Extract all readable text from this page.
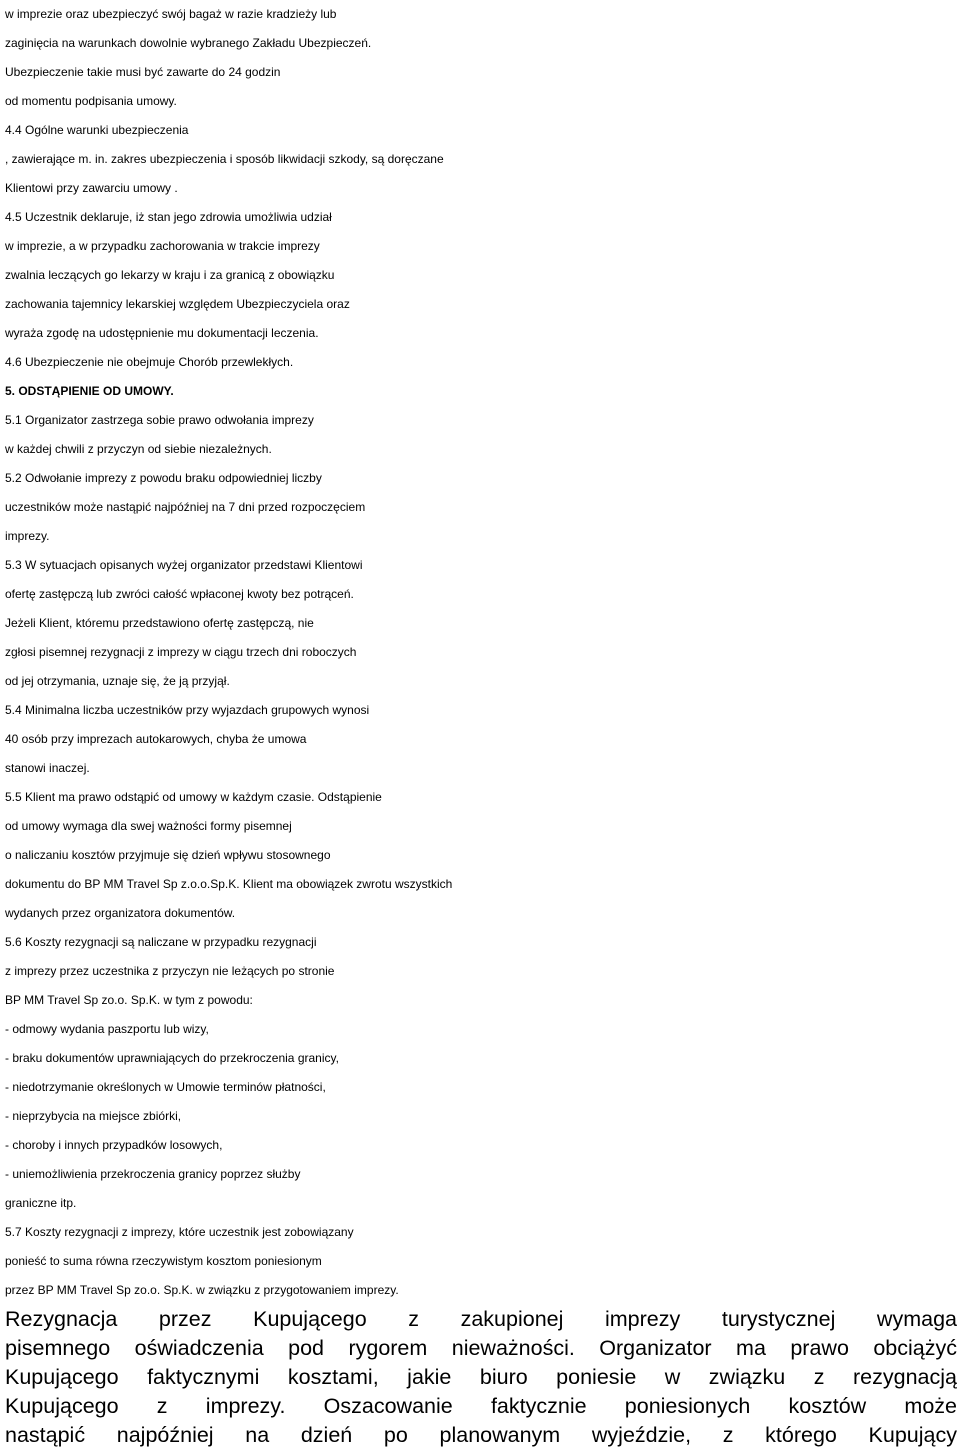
w imprezie oraz ubezpieczyć swój bagaż w razie kradzieży lub
zaginięcia na warunkach dowolnie wybranego Zakładu Ubezpieczeń.
Ubezpieczenie takie musi być zawarte do 24 godzin
od momentu podpisania umowy.
4.4 Ogólne warunki ubezpieczenia
, zawierające m. in. zakres ubezpieczenia i sposób likwidacji szkody, są doręczane
Klientowi przy zawarciu umowy .
4.5 Uczestnik deklaruje, iż stan jego zdrowia umożliwia udział
w imprezie, a w przypadku zachorowania w trakcie imprezy
zwalnia leczących go lekarzy w kraju i za granicą z obowiązku
zachowania tajemnicy lekarskiej względem Ubezpieczyciela oraz
wyraża zgodę na udostępnienie mu dokumentacji leczenia.
4.6 Ubezpieczenie nie obejmuje Chorób przewlekłych.
5. ODSTĄPIENIE OD UMOWY.
5.1 Organizator zastrzega sobie prawo odwołania imprezy
w każdej chwili z przyczyn od siebie niezależnych.
5.2 Odwołanie imprezy z powodu braku odpowiedniej liczby
uczestników może nastąpić najpóźniej na 7 dni przed rozpoczęciem
imprezy.
5.3 W sytuacjach opisanych wyżej organizator przedstawi Klientowi
ofertę zastępczą lub zwróci całość wpłaconej kwoty bez potrąceń.
Jeżeli Klient, któremu przedstawiono ofertę zastępczą, nie
zgłosi pisemnej rezygnacji z imprezy w ciągu trzech dni roboczych
od jej otrzymania, uznaje się, że ją przyjął.
5.4 Minimalna liczba uczestników przy wyjazdach grupowych wynosi
40 osób przy imprezach autokarowych, chyba że umowa
stanowi inaczej.
5.5 Klient ma prawo odstąpić od umowy w każdym czasie. Odstąpienie
od umowy wymaga dla swej ważności formy pisemnej
o naliczaniu kosztów przyjmuje się dzień wpływu stosownego
dokumentu do BP MM Travel Sp z.o.o.Sp.K. Klient ma obowiązek zwrotu wszystkich
wydanych przez organizatora dokumentów.
5.6 Koszty rezygnacji są naliczane w przypadku rezygnacji
z imprezy przez uczestnika z przyczyn nie leżących po stronie
BP MM Travel Sp zo.o. Sp.K. w tym z powodu:
- odmowy wydania paszportu lub wizy,
- braku dokumentów uprawniających do przekroczenia granicy,
- niedotrzymanie określonych w Umowie terminów płatności,
- nieprzybycia na miejsce zbiórki,
- choroby i innych przypadków losowych,
- uniemożliwienia przekroczenia granicy poprzez służby
graniczne itp.
5.7 Koszty rezygnacji z imprezy, które uczestnik jest zobowiązany
ponieść to suma równa rzeczywistym kosztom poniesionym
przez BP MM Travel Sp zo.o. Sp.K. w związku z przygotowaniem imprezy.
Rezygnacja przez Kupującego z zakupionej imprezy turystycznej wymaga
pisemnego oświadczenia pod rygorem nieważności. Organizator ma prawo obciążyć
Kupującego faktycznymi kosztami, jakie biuro poniesie w związku z rezygnacją
Kupującego z imprezy. Oszacowanie faktycznie poniesionych kosztów może
nastąpić najpóźniej na dzień po planowanym wyjeździe, z którego Kupujący
